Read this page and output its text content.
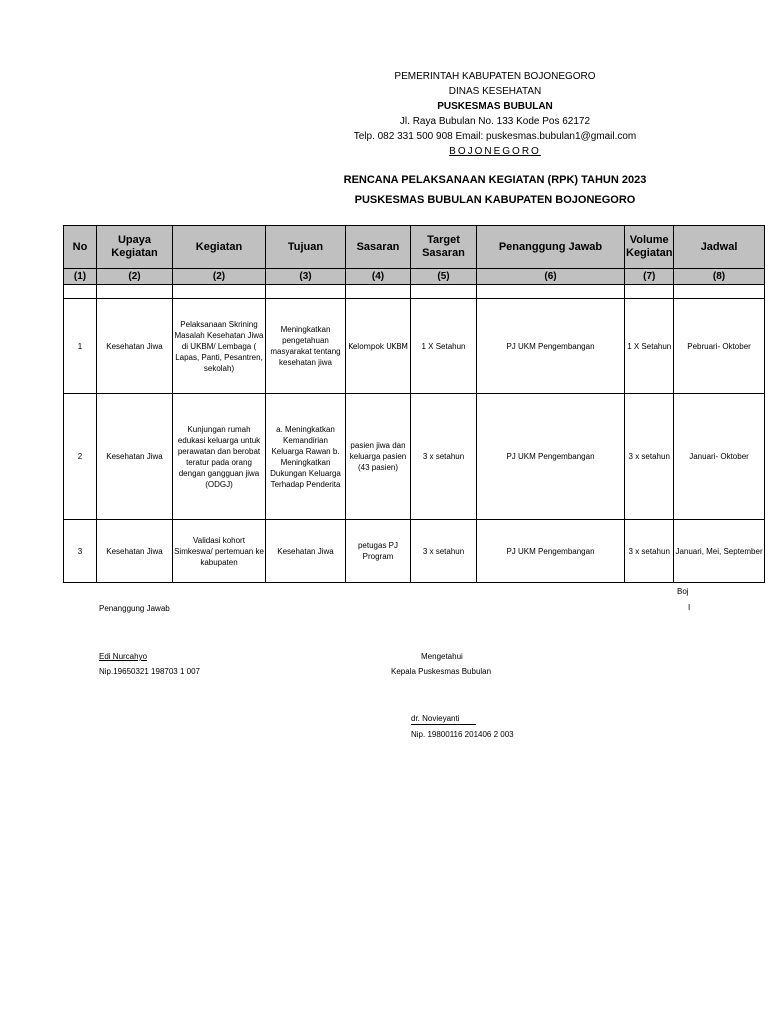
PEMERINTAH KABUPATEN BOJONEGORO
DINAS KESEHATAN
PUSKESMAS BUBULAN
Jl. Raya Bubulan No. 133 Kode Pos 62172
Telp. 082 331 500 908 Email: puskesmas.bubulan1@gmail.com
BOJONEGORO
RENCANA PELAKSANAAN KEGIATAN (RPK) TAHUN 2023
PUSKESMAS BUBULAN KABUPATEN BOJONEGORO
No	Upaya Kegiatan	Kegiatan	Tujuan	Sasaran	Target Sasaran	Penanggung Jawab	Volume Kegiatan	Jadwal
(1)	(2)	(2)	(3)	(4)	(5)	(6)	(7)	(8)

1	Kesehatan Jiwa	Pelaksanaan Skrining Masalah Kesehatan Jiwa di UKBM/ Lembaga ( Lapas, Panti, Pesantren, sekolah)	Meningkatkan pengetahuan masyarakat tentang kesehatan jiwa	Kelompok UKBM	1 X Setahun	PJ UKM Pengembangan	1 X Setahun	Pebruari- Oktober
2	Kesehatan Jiwa	Kunjungan rumah edukasi keluarga untuk perawatan dan berobat teratur pada orang dengan gangguan jiwa (ODGJ)	a. Meningkatkan Kemandirian Keluarga Rawan b. Meningkatkan Dukungan Keluarga Terhadap Penderita	pasien jiwa dan keluarga pasien (43 pasien)	3 x setahun	PJ UKM Pengembangan	3 x setahun	Januari- Oktober
3	Kesehatan Jiwa	Validasi kohort Simkeswa/ pertemuan ke kabupaten	Kesehatan Jiwa	petugas PJ Program	3 x setahun	PJ UKM Pengembangan	3 x setahun	Januari, Mei, September
Boj
I
Penanggung Jawab
Edi Nurcahyo
Nip.19650321 198703 1 007
Mengetahui
Kepala Puskesmas Bubulan
dr. Novieyanti
Nip. 19800116 201406 2 003
